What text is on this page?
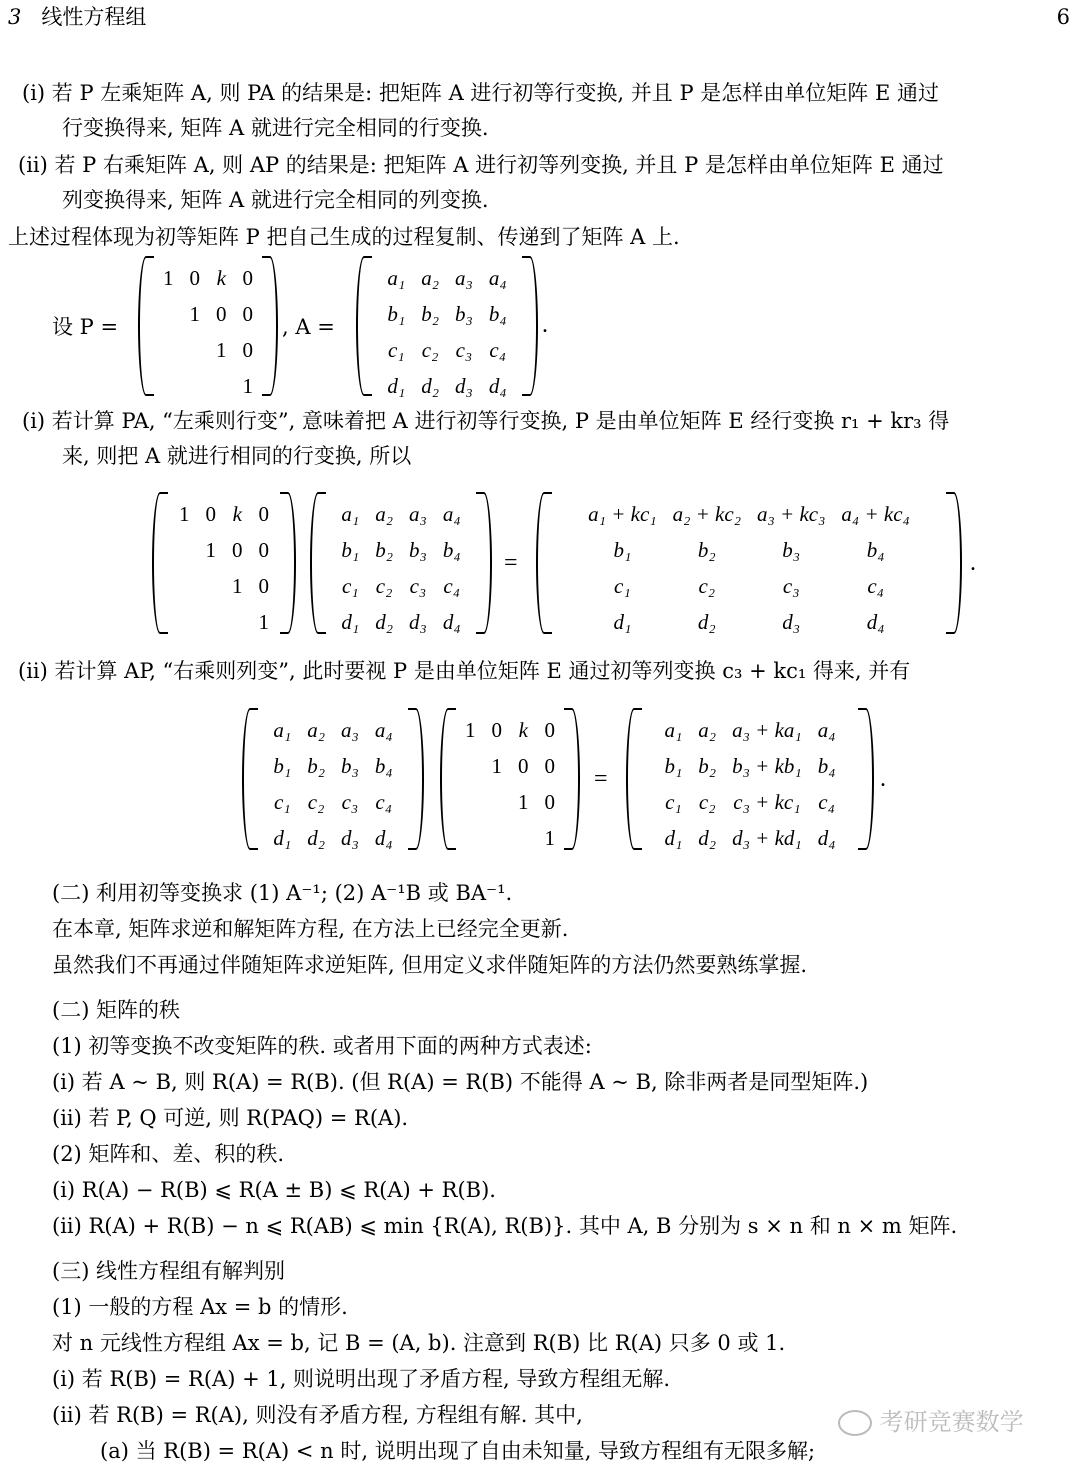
3 线性方程组	6
(i) 若 P 左乘矩阵 A, 则 PA 的结果是: 把矩阵 A 进行初等行变换, 并且 P 是怎样由单位矩阵 E 通过
行变换得来, 矩阵 A 就进行完全相同的行变换.
(ii) 若 P 右乘矩阵 A, 则 AP 的结果是: 把矩阵 A 进行初等列变换, 并且 P 是怎样由单位矩阵 E 通过
列变换得来, 矩阵 A 就进行完全相同的列变换.
上述过程体现为初等矩阵 P 把自己生成的过程复制、传递到了矩阵 A 上.
设 P =
1	0	k	0
	1	0	0
		1	0
			1
, A =
a₁	a₂	a₃	a₄
b₁	b₂	b₃	b₄
c₁	c₂	c₃	c₄
d₁	d₂	d₃	d₄
.
(i) 若计算 PA, “左乘则行变”, 意味着把 A 进行初等行变换, P 是由单位矩阵 E 经行变换 r₁ + kr₃ 得
来, 则把 A 就进行相同的行变换, 所以
1	0	k	0
	1	0	0
		1	0
			1
a₁	a₂	a₃	a₄
b₁	b₂	b₃	b₄
c₁	c₂	c₃	c₄
d₁	d₂	d₃	d₄
=
a₁ + kc₁	a₂ + kc₂	a₃ + kc₃	a₄ + kc₄
b₁	b₂	b₃	b₄
c₁	c₂	c₃	c₄
d₁	d₂	d₃	d₄
.
(ii) 若计算 AP, “右乘则列变”, 此时要视 P 是由单位矩阵 E 通过初等列变换 c₃ + kc₁ 得来, 并有
a₁	a₂	a₃	a₄
b₁	b₂	b₃	b₄
c₁	c₂	c₃	c₄
d₁	d₂	d₃	d₄
1	0	k	0
	1	0	0
		1	0
			1
=
a₁	a₂	a₃ + ka₁	a₄
b₁	b₂	b₃ + kb₁	b₄
c₁	c₂	c₃ + kc₁	c₄
d₁	d₂	d₃ + kd₁	d₄
.
(二) 利用初等变换求 (1) A⁻¹; (2) A⁻¹B 或 BA⁻¹.
在本章, 矩阵求逆和解矩阵方程, 在方法上已经完全更新.
虽然我们不再通过伴随矩阵求逆矩阵, 但用定义求伴随矩阵的方法仍然要熟练掌握.
(二) 矩阵的秩
(1) 初等变换不改变矩阵的秩. 或者用下面的两种方式表述:
(i) 若 A ~ B, 则 R(A) = R(B). (但 R(A) = R(B) 不能得 A ~ B, 除非两者是同型矩阵.)
(ii) 若 P, Q 可逆, 则 R(PAQ) = R(A).
(2) 矩阵和、差、积的秩.
(i) R(A) − R(B) ⩽ R(A ± B) ⩽ R(A) + R(B).
(ii) R(A) + R(B) − n ⩽ R(AB) ⩽ min {R(A), R(B)}. 其中 A, B 分别为 s × n 和 n × m 矩阵.
(三) 线性方程组有解判别
(1) 一般的方程 Ax = b 的情形.
对 n 元线性方程组 Ax = b, 记 B = (A, b). 注意到 R(B) 比 R(A) 只多 0 或 1.
(i) 若 R(B) = R(A) + 1, 则说明出现了矛盾方程, 导致方程组无解.
(ii) 若 R(B) = R(A), 则没有矛盾方程, 方程组有解. 其中,
(a) 当 R(B) = R(A) < n 时, 说明出现了自由未知量, 导致方程组有无限多解;
考研竞赛数学
